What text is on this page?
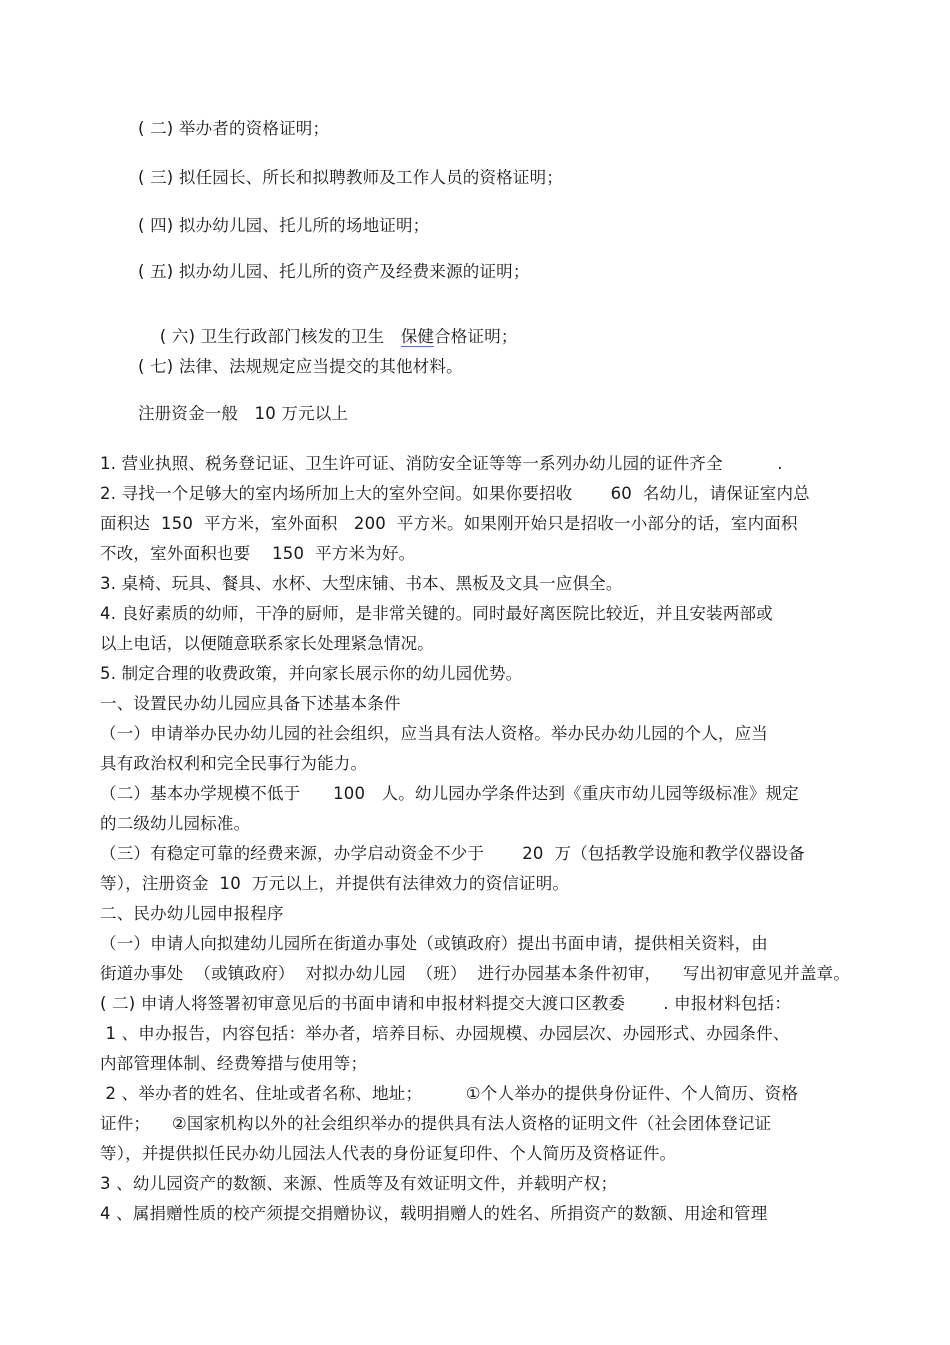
( 二) 举办者的资格证明；
( 三) 拟任园长、所长和拟聘教师及工作人员的资格证明；
( 四) 拟办幼儿园、托儿所的场地证明；
( 五) 拟办幼儿园、托儿所的资产及经费来源的证明；

( 六) 卫生行政部门核发的卫生 保健合格证明；

( 七) 法律、法规规定应当提交的其他材料。
注册资金一般   10 万元以上
1. 营业执照、税务登记证、卫生许可证、消防安全证等等一系列办幼儿园的证件齐全          .
2. 寻找一个足够大的室内场所加上大的室外空间。如果你要招收       60  名幼儿，请保证室内总
面积达  150  平方米，室外面积   200  平方米。如果刚开始只是招收一小部分的话，室内面积
不改，室外面积也要    150  平方米为好。
3. 桌椅、玩具、餐具、水杯、大型床铺、书本、黑板及文具一应俱全。
4. 良好素质的幼师，干净的厨师，是非常关键的。同时最好离医院比较近，并且安装两部或
以上电话，以便随意联系家长处理紧急情况。
5. 制定合理的收费政策，并向家长展示你的幼儿园优势。
一、设置民办幼儿园应具备下述基本条件
（一）申请举办民办幼儿园的社会组织，应当具有法人资格。举办民办幼儿园的个人，应当
具有政治权利和完全民事行为能力。
（二）基本办学规模不低于      100   人。幼儿园办学条件达到《重庆市幼儿园等级标准》规定
的二级幼儿园标准。
（三）有稳定可靠的经费来源，办学启动资金不少于       20  万（包括教学设施和教学仪器设备
等），注册资金  10  万元以上，并提供有法律效力的资信证明。
二、民办幼儿园申报程序
（一）申请人向拟建幼儿园所在街道办事处（或镇政府）提出书面申请，提供相关资料，由
街道办事处  （或镇政府）  对拟办幼儿园  （班）  进行办园基本条件初审，    写出初审意见并盖章。
( 二) 申请人将签署初审意见后的书面申请和申报材料提交大渡口区教委       . 申报材料包括：
1 、申办报告，内容包括：举办者，培养目标、办园规模、办园层次、办园形式、办园条件、
内部管理体制、经费筹措与使用等；
2 、举办者的姓名、住址或者名称、地址；        ①个人举办的提供身份证件、个人简历、资格
证件；    ②国家机构以外的社会组织举办的提供具有法人资格的证明文件（社会团体登记证
等），并提供拟任民办幼儿园法人代表的身份证复印件、个人简历及资格证件。
3 、幼儿园资产的数额、来源、性质等及有效证明文件，并载明产权；
4 、属捐赠性质的校产须提交捐赠协议，载明捐赠人的姓名、所捐资产的数额、用途和管理
